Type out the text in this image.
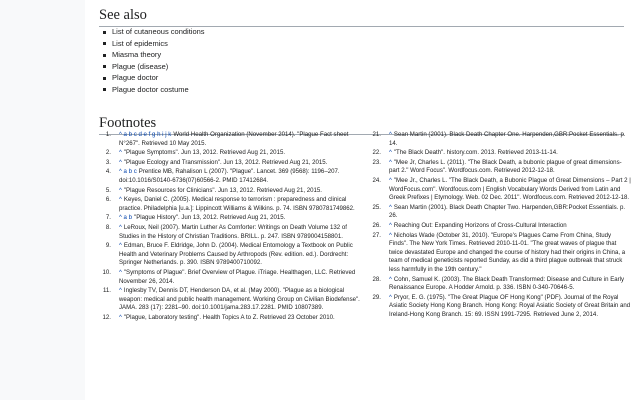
See also
List of cutaneous conditions
List of epidemics
Miasma theory
Plague (disease)
Plague doctor
Plague doctor costume
Footnotes
1. ^ a b c d e f g h i j k World Health Organization (November 2014). "Plague Fact sheet N°267". Retrieved 10 May 2015.
2. ^ "Plague Symptoms". Jun 13, 2012. Retrieved Aug 21, 2015.
3. ^ "Plague Ecology and Transmission". Jun 13, 2012. Retrieved Aug 21, 2015.
4. ^ a b c Prentice MB, Rahalison L (2007). "Plague". Lancet. 369 (9568): 1196–207. doi:10.1016/S0140-6736(07)60566-2. PMID 17412684.
5. ^ "Plague Resources for Clinicians". Jun 13, 2012. Retrieved Aug 21, 2015.
6. ^ Keyes, Daniel C. (2005). Medical response to terrorism : preparedness and clinical practice. Philadelphia [u.a.]: Lippincott Williams & Wilkins. p. 74. ISBN 9780781749862.
7. ^ a b "Plague History". Jun 13, 2012. Retrieved Aug 21, 2015.
8. ^ LeRoux, Neil (2007). Martin Luther As Comforter: Writings on Death Volume 132 of Studies in the History of Christian Traditions. BRILL. p. 247. ISBN 9789004158801.
9. ^ Edman, Bruce F. Eldridge, John D. (2004). Medical Entomology a Textbook on Public Health and Veterinary Problems Caused by Arthropods (Rev. edition. ed.). Dordrecht: Springer Netherlands. p. 390. ISBN 9789400710092.
10. ^ "Symptoms of Plague". Brief Overview of Plague. iTriage. Healthagen, LLC. Retrieved November 26, 2014.
11. ^ Inglesby TV, Dennis DT, Henderson DA, et al. (May 2000). "Plague as a biological weapon: medical and public health management. Working Group on Civilian Biodefense". JAMA. 283 (17): 2281–90. doi:10.1001/jama.283.17.2281. PMID 10807389.
12. ^ "Plague, Laboratory testing". Health Topics A to Z. Retrieved 23 October 2010.
21. ^ Sean Martin (2001). Black Death Chapter One. Harpenden,GBR:Pocket Essentials. p. 14.
22. ^ "The Black Death". history.com. 2013. Retrieved 2013-11-14.
23. ^ "Mee Jr, Charles L. (2011). "The Black Death, a bubonic plague of great dimensions-part 2." Word Focus". Wordfocus.com. Retrieved 2012-12-18.
24. ^ "Mee Jr., Charles L. "The Black Death, a Bubonic Plague of Great Dimensions – Part 2 | WordFocus.com". Wordfocus.com | English Vocabulary Words Derived from Latin and Greek Prefixes | Etymology. Web. 02 Dec. 2011". Wordfocus.com. Retrieved 2012-12-18.
25. ^ Sean Martin (2001). Black Death Chapter Two. Harpenden,GBR:Pocket Essentials. p. 26.
26. ^ Reaching Out: Expanding Horizons of Cross-Cultural Interaction
27. ^ Nicholas Wade (October 31, 2010). "Europe's Plagues Came From China, Study Finds". The New York Times. Retrieved 2010-11-01. "The great waves of plague that twice devastated Europe and changed the course of history had their origins in China, a team of medical geneticists reported Sunday, as did a third plague outbreak that struck less harmfully in the 19th century."
28. ^ Cohn, Samuel K. (2003). The Black Death Transformed: Disease and Culture in Early Renaissance Europe. A Hodder Arnold. p. 336. ISBN 0-340-70646-5.
29. ^ Pryor, E. G. (1975). "The Great Plague OF Hong Kong" (PDF). Journal of the Royal Asiatic Society Hong Kong Branch. Hong Kong: Royal Asiatic Society of Great Britain and Ireland-Hong Kong Branch. 15: 69. ISSN 1991-7295. Retrieved June 2, 2014.
